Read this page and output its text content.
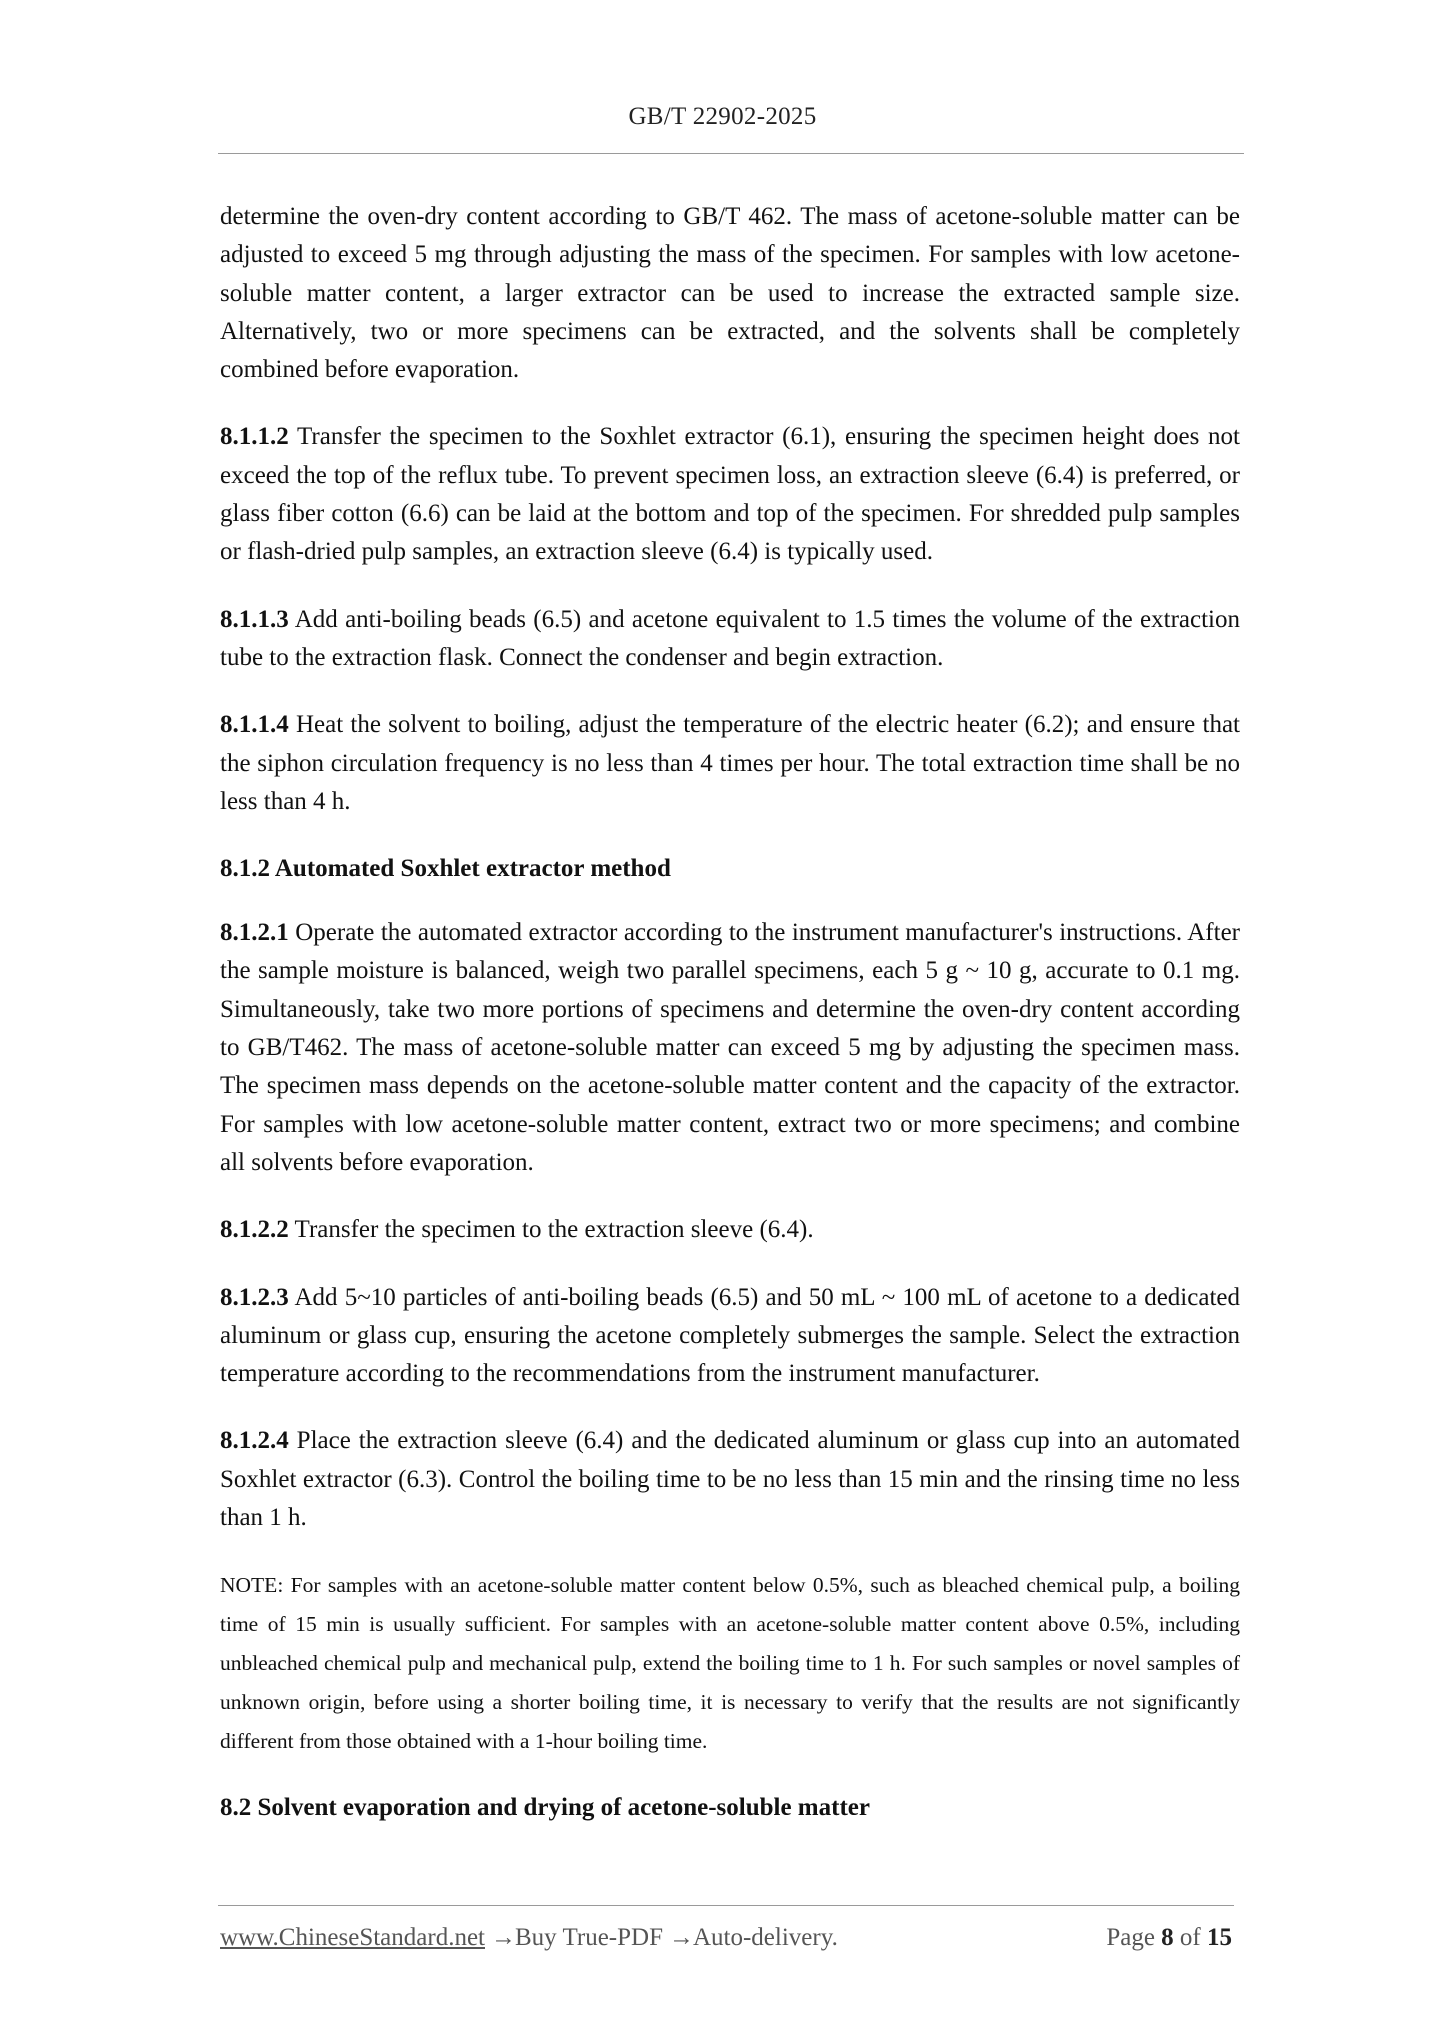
GB/T 22902-2025

determine the oven-dry content according to GB/T 462. The mass of acetone-soluble matter can be adjusted to exceed 5 mg through adjusting the mass of the specimen. For samples with low acetone-soluble matter content, a larger extractor can be used to increase the extracted sample size. Alternatively, two or more specimens can be extracted, and the solvents shall be completely combined before evaporation.

8.1.1.2 Transfer the specimen to the Soxhlet extractor (6.1), ensuring the specimen height does not exceed the top of the reflux tube. To prevent specimen loss, an extraction sleeve (6.4) is preferred, or glass fiber cotton (6.6) can be laid at the bottom and top of the specimen. For shredded pulp samples or flash-dried pulp samples, an extraction sleeve (6.4) is typically used.

8.1.1.3 Add anti-boiling beads (6.5) and acetone equivalent to 1.5 times the volume of the extraction tube to the extraction flask. Connect the condenser and begin extraction.

8.1.1.4 Heat the solvent to boiling, adjust the temperature of the electric heater (6.2); and ensure that the siphon circulation frequency is no less than 4 times per hour. The total extraction time shall be no less than 4 h.

8.1.2 Automated Soxhlet extractor method

8.1.2.1 Operate the automated extractor according to the instrument manufacturer's instructions. After the sample moisture is balanced, weigh two parallel specimens, each 5 g ~ 10 g, accurate to 0.1 mg. Simultaneously, take two more portions of specimens and determine the oven-dry content according to GB/T462. The mass of acetone-soluble matter can exceed 5 mg by adjusting the specimen mass. The specimen mass depends on the acetone-soluble matter content and the capacity of the extractor. For samples with low acetone-soluble matter content, extract two or more specimens; and combine all solvents before evaporation.

8.1.2.2 Transfer the specimen to the extraction sleeve (6.4).

8.1.2.3 Add 5~10 particles of anti-boiling beads (6.5) and 50 mL ~ 100 mL of acetone to a dedicated aluminum or glass cup, ensuring the acetone completely submerges the sample. Select the extraction temperature according to the recommendations from the instrument manufacturer.

8.1.2.4 Place the extraction sleeve (6.4) and the dedicated aluminum or glass cup into an automated Soxhlet extractor (6.3). Control the boiling time to be no less than 15 min and the rinsing time no less than 1 h.

NOTE: For samples with an acetone-soluble matter content below 0.5%, such as bleached chemical pulp, a boiling time of 15 min is usually sufficient. For samples with an acetone-soluble matter content above 0.5%, including unbleached chemical pulp and mechanical pulp, extend the boiling time to 1 h. For such samples or novel samples of unknown origin, before using a shorter boiling time, it is necessary to verify that the results are not significantly different from those obtained with a 1-hour boiling time.

8.2 Solvent evaporation and drying of acetone-soluble matter
www.ChineseStandard.net →Buy True-PDF →Auto-delivery.	Page 8 of 15
